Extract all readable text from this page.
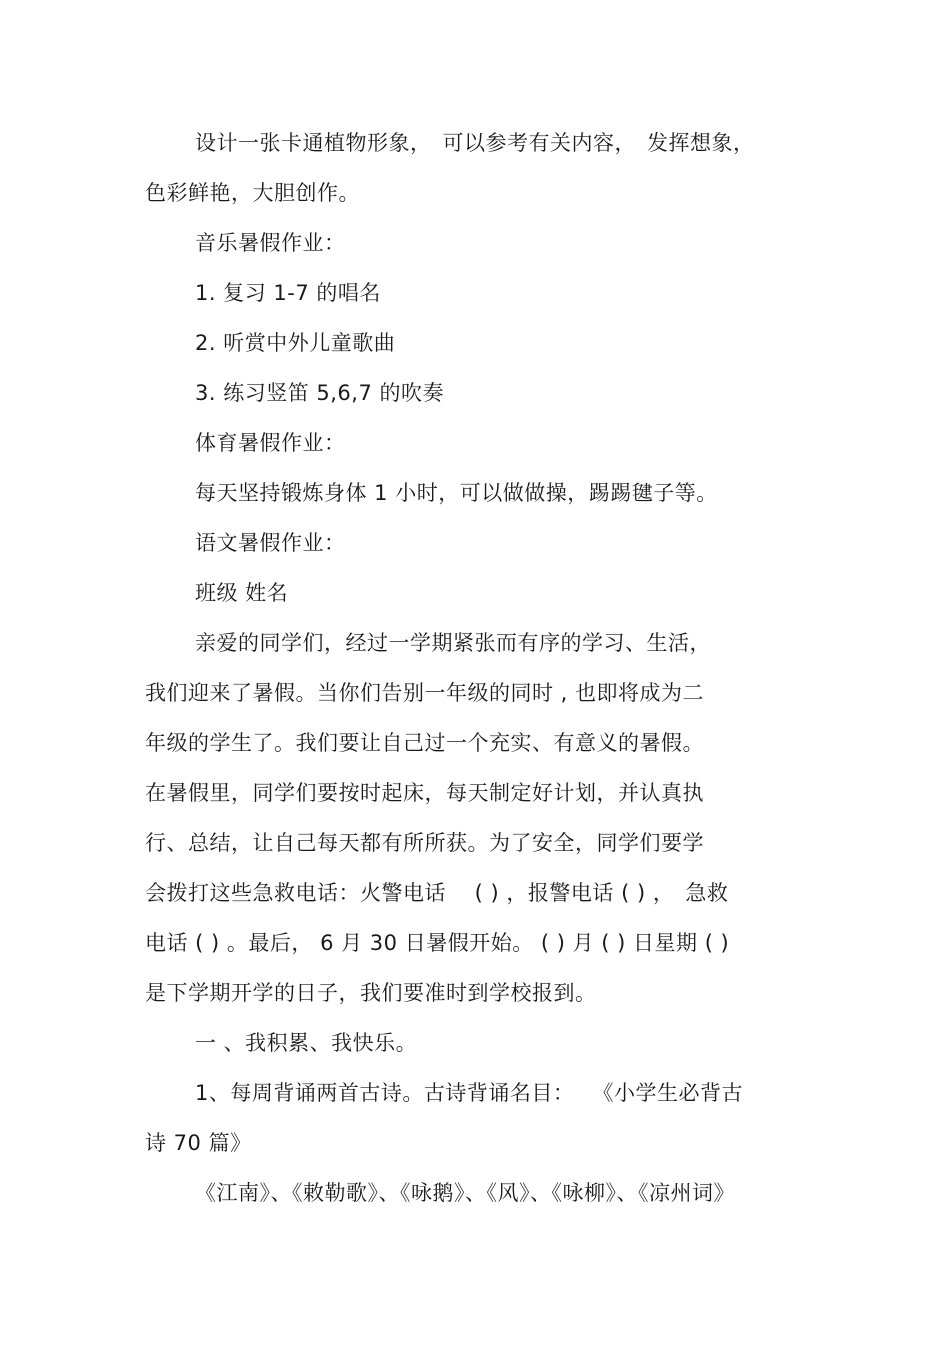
设计一张卡通植物形象，　可以参考有关内容，　发挥想象，
色彩鲜艳，大胆创作。
音乐暑假作业：
1. 复习 1-7 的唱名
2. 听赏中外儿童歌曲
3. 练习竖笛 5,6,7 的吹奏
体育暑假作业：
每天坚持锻炼身体 1 小时，可以做做操，踢踢毽子等。
语文暑假作业：
班级 姓名
亲爱的同学们，经过一学期紧张而有序的学习、生活，
我们迎来了暑假。当你们告别一年级的同时 , 也即将成为二
年级的学生了。我们要让自己过一个充实、有意义的暑假。
在暑假里，同学们要按时起床，每天制定好计划，并认真执
行、总结，让自己每天都有所所获。为了安全，同学们要学
会拨打这些急救电话：火警电话　 ( ) ，报警电话 ( ) ，　急救
电话 ( ) 。最后， 6 月 30 日暑假开始。 ( ) 月 ( ) 日星期 ( )
是下学期开学的日子，我们要准时到学校报到。
一 、我积累、我快乐。
1、每周背诵两首古诗。古诗背诵名目：　 《小学生必背古
诗 70 篇》
《江南》、《敕勒歌》、《咏鹅》、《风》、《咏柳》、《凉州词》
